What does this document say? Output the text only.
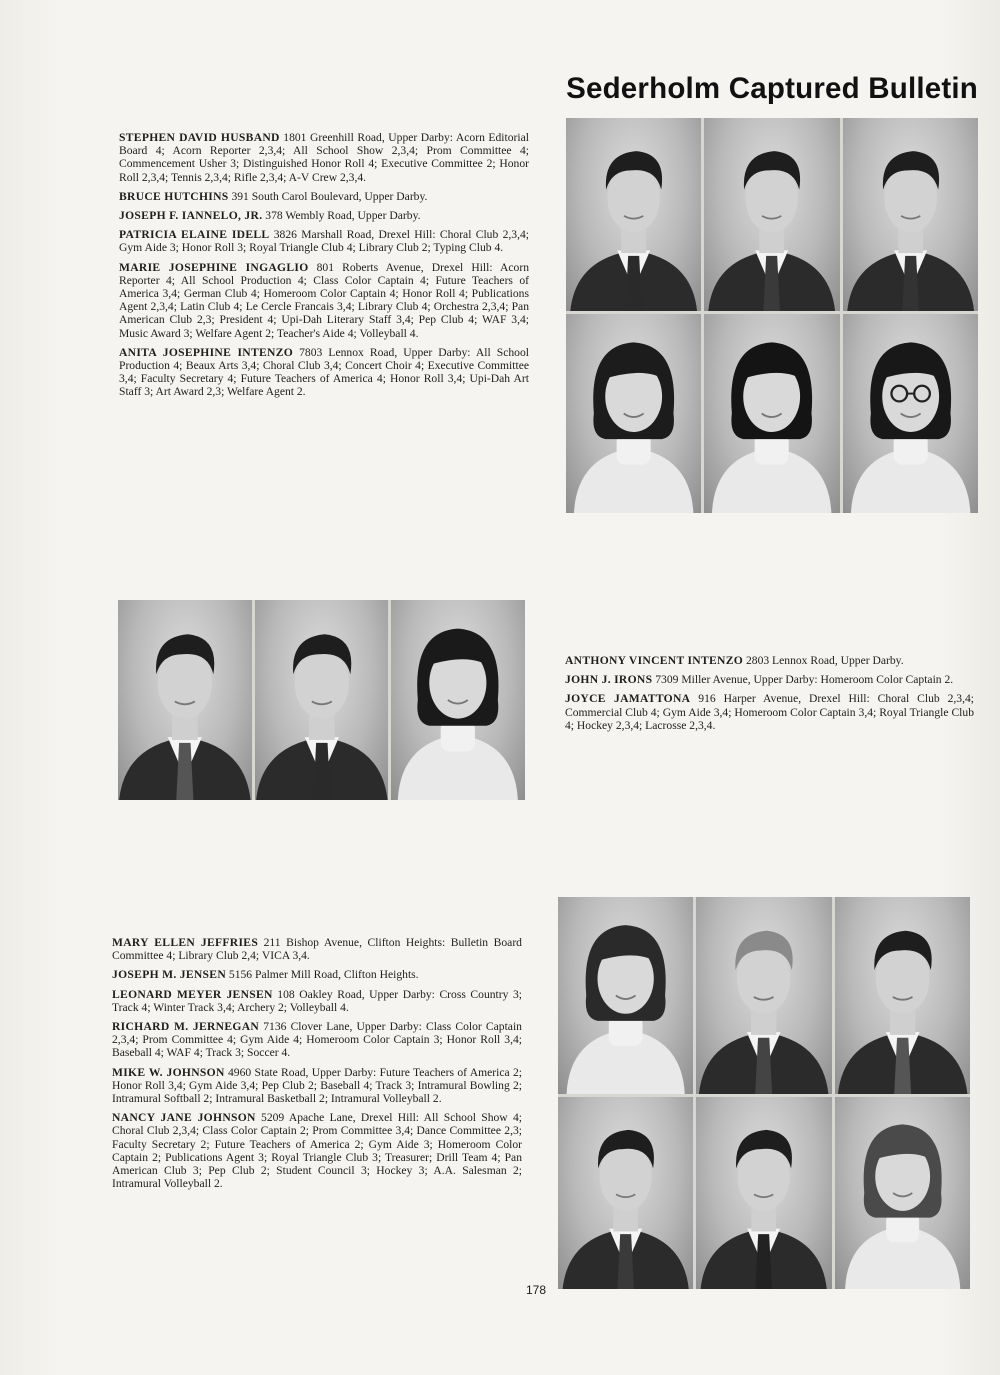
Sederholm Captured Bulletin
STEPHEN DAVID HUSBAND 1801 Greenhill Road, Upper Darby: Acorn Editorial Board 4; Acorn Reporter 2,3,4; All School Show 2,3,4; Prom Committee 4; Commencement Usher 3; Distinguished Honor Roll 4; Executive Committee 2; Honor Roll 2,3,4; Tennis 2,3,4; Rifle 2,3,4; A-V Crew 2,3,4.
BRUCE HUTCHINS 391 South Carol Boulevard, Upper Darby.
JOSEPH F. IANNELO, JR. 378 Wembly Road, Upper Darby.
PATRICIA ELAINE IDELL 3826 Marshall Road, Drexel Hill: Choral Club 2,3,4; Gym Aide 3; Honor Roll 3; Royal Triangle Club 4; Library Club 2; Typing Club 4.
MARIE JOSEPHINE INGAGLIO 801 Roberts Avenue, Drexel Hill: Acorn Reporter 4; All School Production 4; Class Color Captain 4; Future Teachers of America 3,4; German Club 4; Homeroom Color Captain 4; Honor Roll 4; Publications Agent 2,3,4; Latin Club 4; Le Cercle Francais 3,4; Library Club 4; Orchestra 2,3,4; Pan American Club 2,3; President 4; Upi-Dah Literary Staff 3,4; Pep Club 4; WAF 3,4; Music Award 3; Welfare Agent 2; Teacher's Aide 4; Volleyball 4.
ANITA JOSEPHINE INTENZO 7803 Lennox Road, Upper Darby: All School Production 4; Beaux Arts 3,4; Choral Club 3,4; Concert Choir 4; Executive Committee 3,4; Faculty Secretary 4; Future Teachers of America 4; Honor Roll 3,4; Upi-Dah Art Staff 3; Art Award 2,3; Welfare Agent 2.
ANTHONY VINCENT INTENZO 2803 Lennox Road, Upper Darby.
JOHN J. IRONS 7309 Miller Avenue, Upper Darby: Homeroom Color Captain 2.
JOYCE JAMATTONA 916 Harper Avenue, Drexel Hill: Choral Club 2,3,4; Commercial Club 4; Gym Aide 3,4; Homeroom Color Captain 3,4; Royal Triangle Club 4; Hockey 2,3,4; Lacrosse 2,3,4.
MARY ELLEN JEFFRIES 211 Bishop Avenue, Clifton Heights: Bulletin Board Committee 4; Library Club 2,4; VICA 3,4.
JOSEPH M. JENSEN 5156 Palmer Mill Road, Clifton Heights.
LEONARD MEYER JENSEN 108 Oakley Road, Upper Darby: Cross Country 3; Track 4; Winter Track 3,4; Archery 2; Volleyball 4.
RICHARD M. JERNEGAN 7136 Clover Lane, Upper Darby: Class Color Captain 2,3,4; Prom Committee 4; Gym Aide 4; Homeroom Color Captain 3; Honor Roll 3,4; Baseball 4; WAF 4; Track 3; Soccer 4.
MIKE W. JOHNSON 4960 State Road, Upper Darby: Future Teachers of America 2; Honor Roll 3,4; Gym Aide 3,4; Pep Club 2; Baseball 4; Track 3; Intramural Bowling 2; Intramural Softball 2; Intramural Basketball 2; Intramural Volleyball 2.
NANCY JANE JOHNSON 5209 Apache Lane, Drexel Hill: All School Show 4; Choral Club 2,3,4; Class Color Captain 2; Prom Committee 3,4; Dance Committee 2,3; Faculty Secretary 2; Future Teachers of America 2; Gym Aide 3; Homeroom Color Captain 2; Publications Agent 3; Royal Triangle Club 3; Treasurer; Drill Team 4; Pan American Club 3; Pep Club 2; Student Council 3; Hockey 3; A.A. Salesman 2; Intramural Volleyball 2.
178
